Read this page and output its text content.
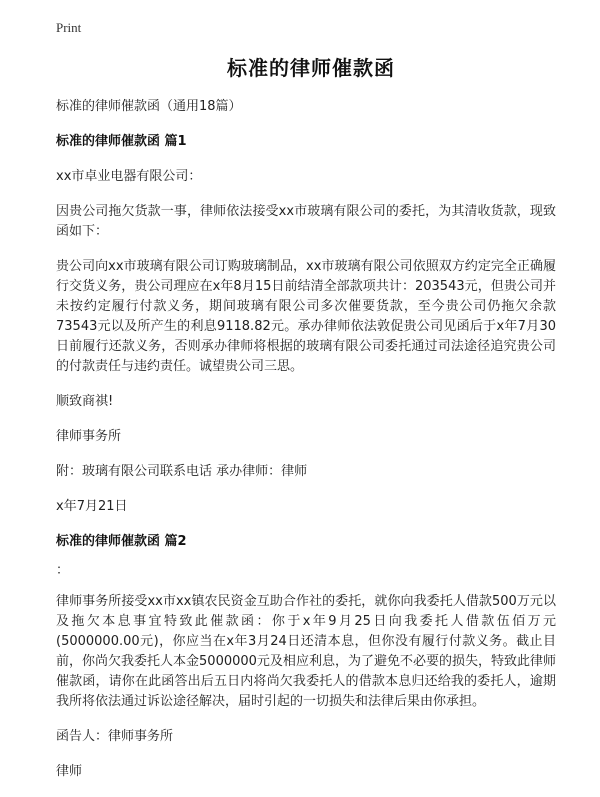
Print
标准的律师催款函
标准的律师催款函（通用18篇）
标准的律师催款函 篇1
xx市卓业电器有限公司：
因贵公司拖欠货款一事，律师依法接受xx市玻璃有限公司的委托，为其清收货款，现致函如下：
贵公司向xx市玻璃有限公司订购玻璃制品，xx市玻璃有限公司依照双方约定完全正确履行交货义务，贵公司理应在x年8月15日前结清全部款项共计：203543元，但贵公司并未按约定履行付款义务，期间玻璃有限公司多次催要货款，至今贵公司仍拖欠余款73543元以及所产生的利息9118.82元。承办律师依法敦促贵公司见函后于x年7月30日前履行还款义务，否则承办律师将根据的玻璃有限公司委托通过司法途径追究贵公司的付款责任与违约责任。诚望贵公司三思。
顺致商祺!
律师事务所
附：玻璃有限公司联系电话 承办律师：律师
x年7月21日
标准的律师催款函 篇2
：
律师事务所接受xx市xx镇农民资金互助合作社的委托，就你向我委托人借款500万元以及拖欠本息事宜特致此催款函：你于x年9月25日向我委托人借款伍佰万元(5000000.00元)，你应当在x年3月24日还清本息，但你没有履行付款义务。截止目前，你尚欠我委托人本金5000000元及相应利息，为了避免不必要的损失，特致此律师催款函，请你在此函答出后五日内将尚欠我委托人的借款本息归还给我的委托人，逾期我所将依法通过诉讼途径解决，届时引起的一切损失和法律后果由你承担。
函告人：律师事务所
律师
